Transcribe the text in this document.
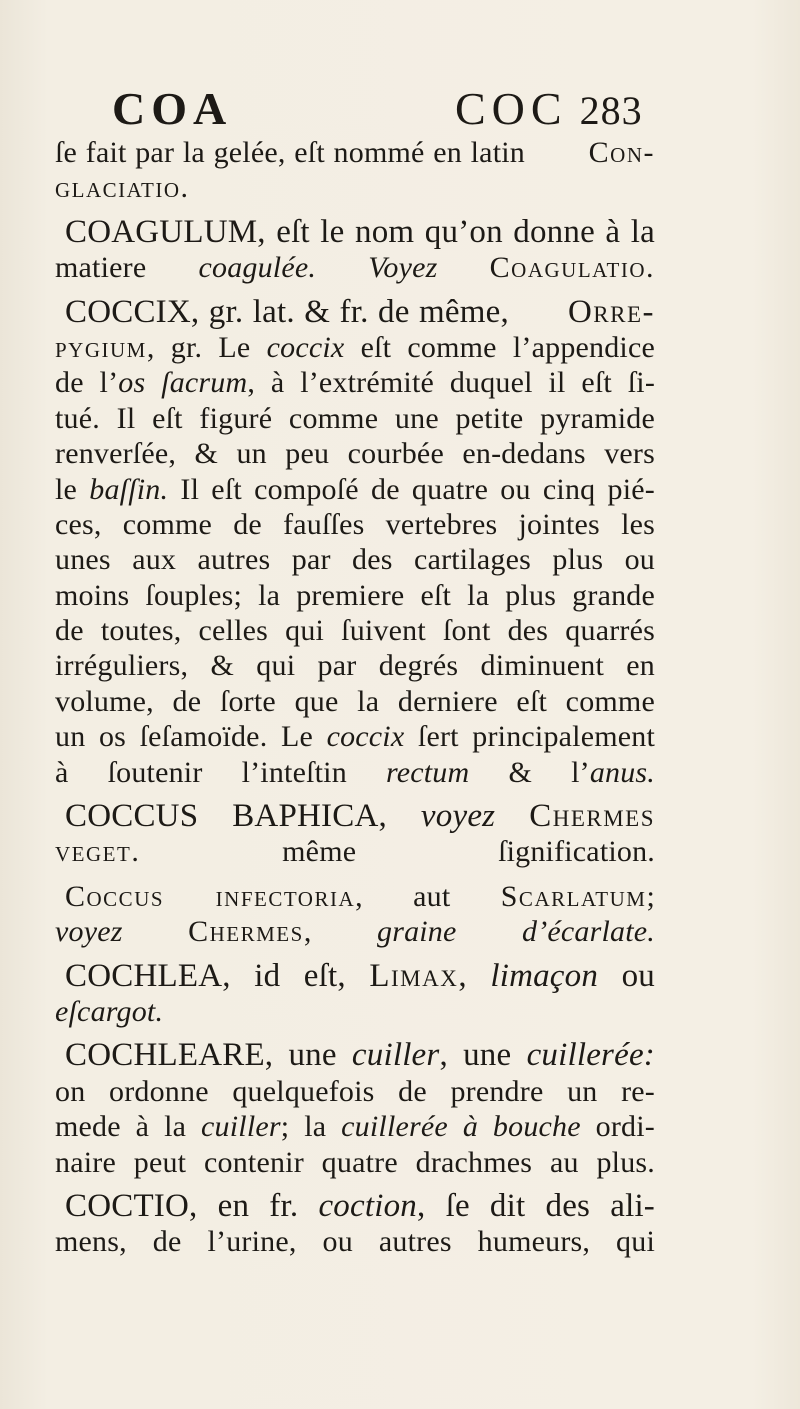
COA	COC 283
ſe fait par la gelée, eſt nommé en latin Con-
glaciatio.
COAGULUM, eſt le nom qu’on donne à la
matiere coagulée. Voyez Coagulatio.
COCCIX, gr. lat. & fr. de même, Orre-
pygium, gr. Le coccix eſt comme l’appendice
de l’os ſacrum, à l’extrémité duquel il eſt ſi-
tué. Il eſt figuré comme une petite pyramide
renverſée, & un peu courbée en-dedans vers
le baſſin. Il eſt compoſé de quatre ou cinq pié-
ces, comme de fauſſes vertebres jointes les
unes aux autres par des cartilages plus ou
moins ſouples; la premiere eſt la plus grande
de toutes, celles qui ſuivent ſont des quarrés
irréguliers, & qui par degrés diminuent en
volume, de ſorte que la derniere eſt comme
un os ſeſamoïde. Le coccix ſert principalement
à ſoutenir l’inteſtin rectum & l’anus.
COCCUS BAPHICA, voyez Chermes
veget. même ſignification.
Coccus infectoria, aut Scarlatum;
voyez Chermes, graine d’écarlate.
COCHLEA, id eſt, Limax, limaçon ou
eſcargot.
COCHLEARE, une cuiller, une cuillerée:
on ordonne quelquefois de prendre un re-
mede à la cuiller; la cuillerée à bouche ordi-
naire peut contenir quatre drachmes au plus.
COCTIO, en fr. coction, ſe dit des ali-
mens, de l’urine, ou autres humeurs, qui
